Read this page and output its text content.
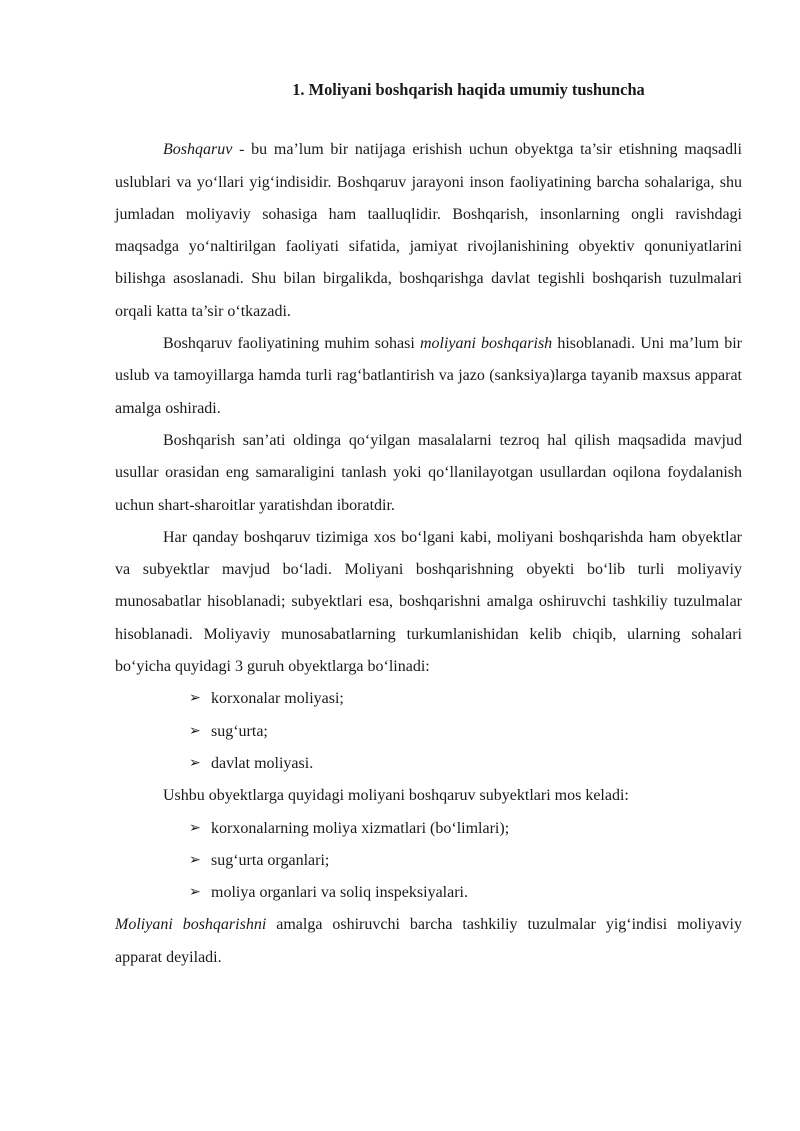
1. Moliyani boshqarish haqida umumiy tushuncha

Boshqaruv - bu ma’lum bir natijaga erishish uchun obyektga ta’sir etishning maqsadli uslublari va yo‘llari yig‘indisidir. Boshqaruv jarayoni inson faoliyatining barcha sohalariga, shu jumladan moliyaviy sohasiga ham taalluqlidir. Boshqarish, insonlarning ongli ravishdagi maqsadga yo‘naltirilgan faoliyati sifatida, jamiyat rivojlanishining obyektiv qonuniyatlarini bilishga asoslanadi. Shu bilan birgalikda, boshqarishga davlat tegishli boshqarish tuzulmalari orqali katta ta’sir o‘tkazadi.

Boshqaruv faoliyatining muhim sohasi moliyani boshqarish hisoblanadi. Uni ma’lum bir uslub va tamoyillarga hamda turli rag‘batlantirish va jazo (sanksiya)larga tayanib maxsus apparat amalga oshiradi.

Boshqarish san’ati oldinga qo‘yilgan masalalarni tezroq hal qilish maqsadida mavjud usullar orasidan eng samaraligini tanlash yoki qo‘llanilayotgan usullardan oqilona foydalanish uchun shart-sharoitlar yaratishdan iboratdir.

Har qanday boshqaruv tizimiga xos bo‘lgani kabi, moliyani boshqarishda ham obyektlar va subyektlar mavjud bo‘ladi. Moliyani boshqarishning obyekti bo‘lib turli moliyaviy munosabatlar hisoblanadi; subyektlari esa, boshqarishni amalga oshiruvchi tashkiliy tuzulmalar hisoblanadi. Moliyaviy munosabatlarning turkumlanishidan kelib chiqib, ularning sohalari bo‘yicha quyidagi 3 guruh obyektlarga bo‘linadi:

➢ korxonalar moliyasi;
➢ sug‘urta;
➢ davlat moliyasi.

Ushbu obyektlarga quyidagi moliyani boshqaruv subyektlari mos keladi:

➢ korxonalarning moliya xizmatlari (bo‘limlari);
➢ sug‘urta organlari;
➢ moliya organlari va soliq inspeksiyalari.

Moliyani boshqarishni amalga oshiruvchi barcha tashkiliy tuzulmalar yig‘indisi moliyaviy apparat deyiladi.
